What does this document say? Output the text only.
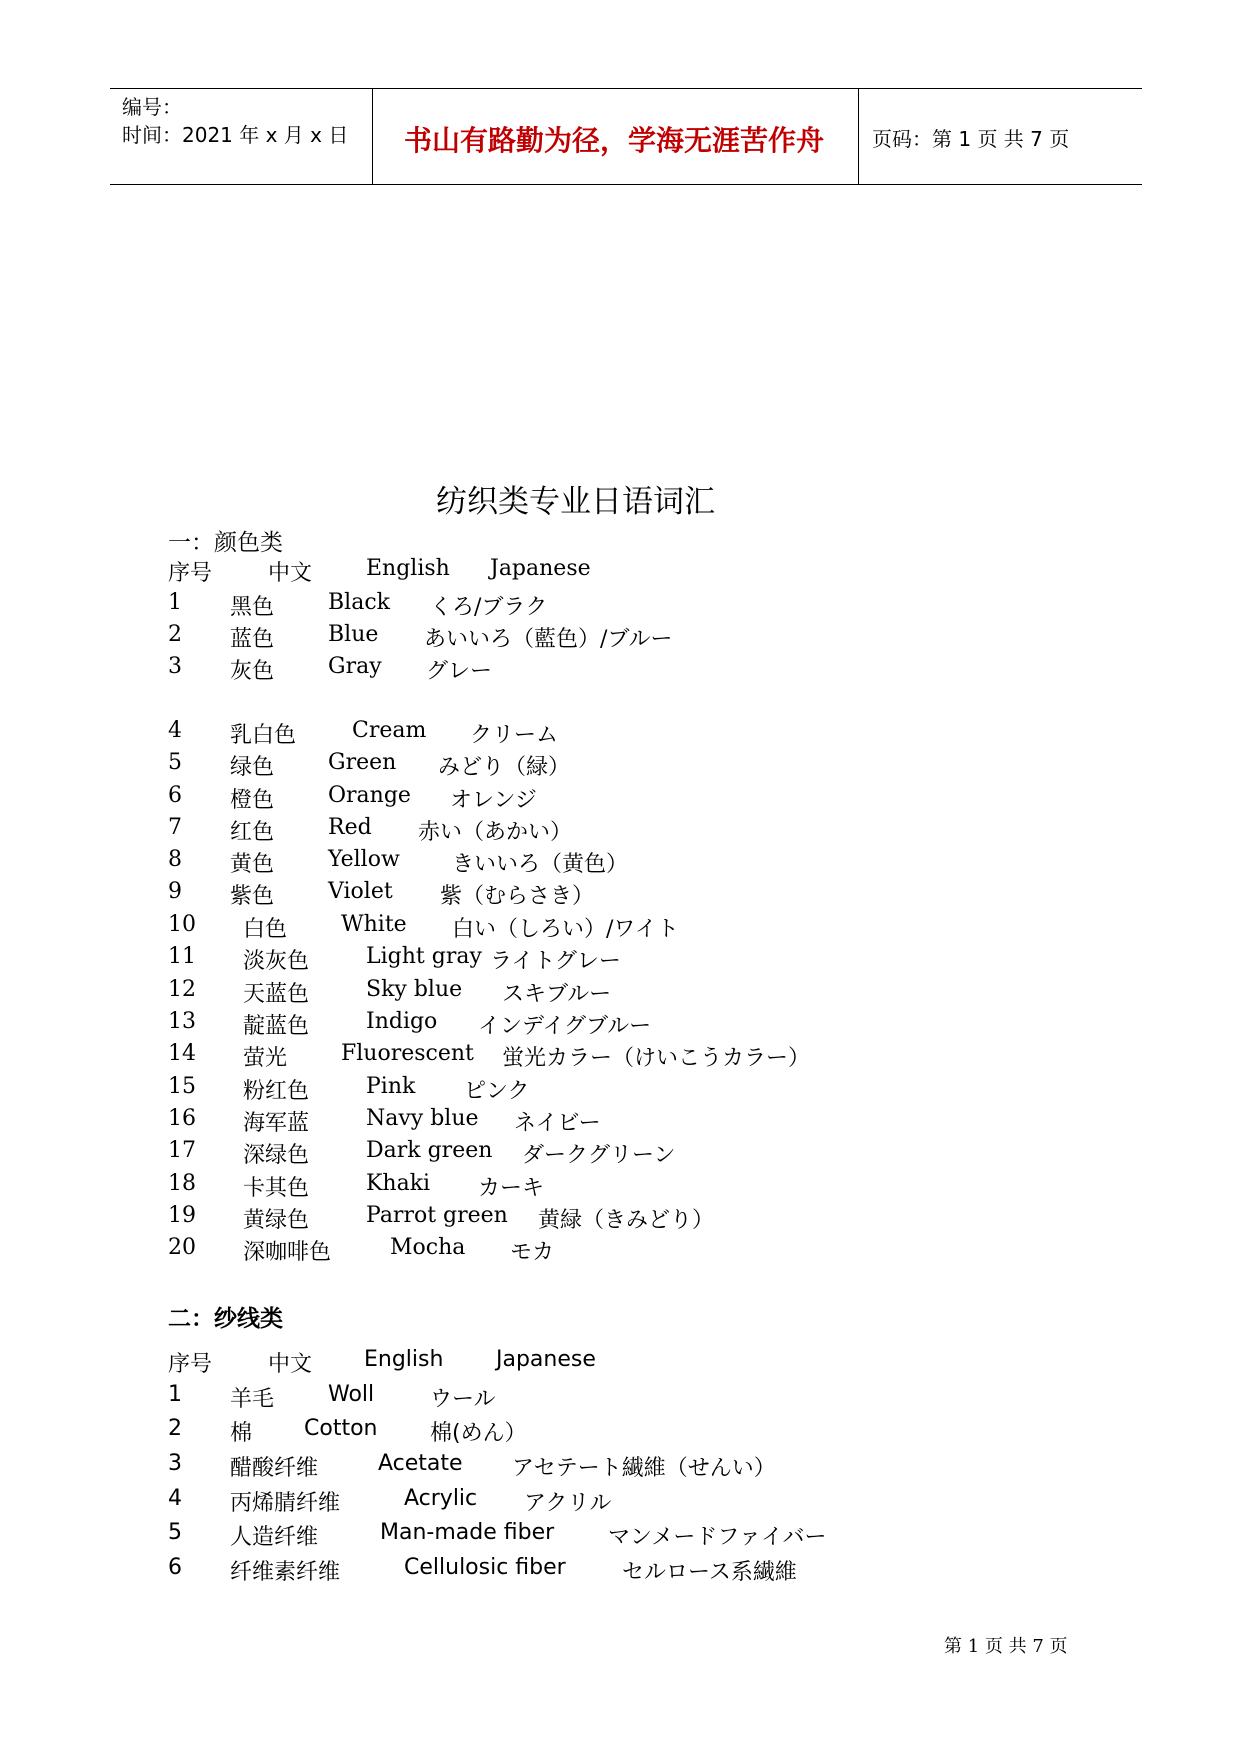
编号：
时间：2021 年 x 月 x 日	书山有路勤为径，学海无涯苦作舟	页码：第 1 页 共 7 页
纺织类专业日语词汇
一：颜色类
序号	中文 English Japanese
1 黑色 Black くろ/ブラク
2 蓝色 Blue あいいろ（藍色）/ブルー
3 灰色 Gray グレー
4 乳白色	Cream クリーム
5 绿色 Green みどり（緑）
6 橙色 Orange オレンジ
7 红色 Red 赤い（あかい）
8 黄色 Yellow きいいろ（黄色）
9 紫色 Violet 紫（むらさき）
10 白色 White 白い（しろい）/ワイト
11 淡灰色	Light gray ライトグレー
12 天蓝色	Sky blue スキブルー
13 靛蓝色	Indigo インデイグブルー
14 萤光 Fluorescent 蛍光カラー（けいこうカラー）
15 粉红色	Pink ピンク
16 海军蓝	Navy blue ネイビー
17 深绿色	Dark green ダークグリーン
18 卡其色	Khaki カーキ
19 黄绿色	Parrot green 黄緑（きみどり）
20 深咖啡色	Mocha モカ
二：纱线类
序号	中文 English Japanese
1 羊毛 Woll	ウール
2 棉 Cotton 棉(めん）
3 醋酸纤维	Acetate アセテート繊維（せんい）
4 丙烯腈纤维	Acrylic アクリル
5 人造纤维	Man-made fiber マンメードファイバー
6 纤维素纤维	Cellulosic fiber	セルロース系繊維
第 1 页 共 7 页
